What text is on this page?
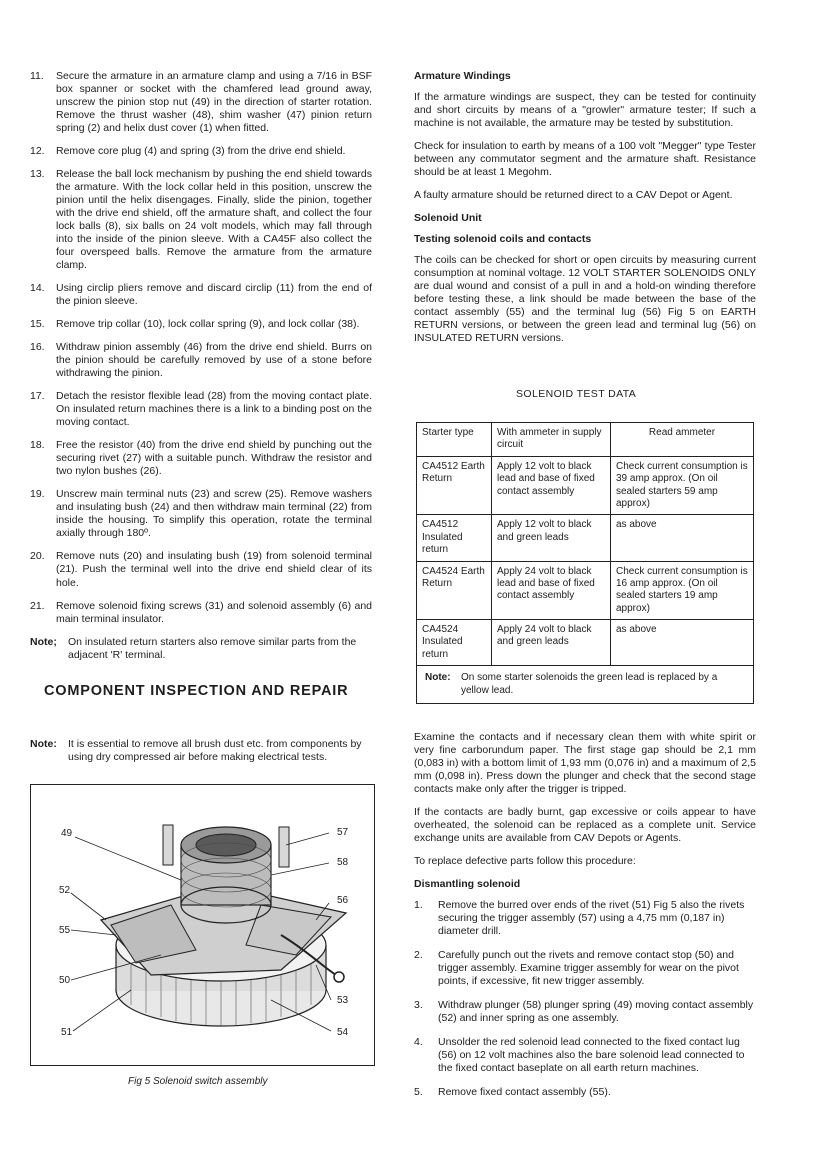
11.	Secure the armature in an armature clamp and using a 7/16 in BSF box spanner or socket with the chamfered lead ground away, unscrew the pinion stop nut (49) in the direction of starter rotation. Remove the thrust washer (48), shim washer (47) pinion return spring (2) and helix dust cover (1) when fitted.
12.	Remove core plug (4) and spring (3) from the drive end shield.
13.	Release the ball lock mechanism by pushing the end shield towards the armature. With the lock collar held in this position, unscrew the pinion until the helix disengages. Finally, slide the pinion, together with the drive end shield, off the armature shaft, and collect the four lock balls (8), six balls on 24 volt models, which may fall through into the inside of the pinion sleeve. With a CA45F also collect the four overspeed balls. Remove the armature from the armature clamp.
14.	Using circlip pliers remove and discard circlip (11) from the end of the pinion sleeve.
15.	Remove trip collar (10), lock collar spring (9), and lock collar (38).
16.	Withdraw pinion assembly (46) from the drive end shield. Burrs on the pinion should be carefully removed by use of a stone before withdrawing the pinion.
17.	Detach the resistor flexible lead (28) from the moving contact plate. On insulated return machines there is a link to a binding post on the moving contact.
18.	Free the resistor (40) from the drive end shield by punching out the securing rivet (27) with a suitable punch. Withdraw the resistor and two nylon bushes (26).
19.	Unscrew main terminal nuts (23) and screw (25). Remove washers and insulating bush (24) and then withdraw main terminal (22) from inside the housing. To simplify this operation, rotate the terminal axially through 180º.
20.	Remove nuts (20) and insulating bush (19) from solenoid terminal (21). Push the terminal well into the drive end shield clear of its hole.
21.	Remove solenoid fixing screws (31) and solenoid assembly (6) and main terminal insulator.
Note;	On insulated return starters also remove similar parts from the adjacent 'R' terminal.
COMPONENT INSPECTION AND REPAIR
Note:	It is essential to remove all brush dust etc. from components by using dry compressed air before making electrical tests.
49	57
58
52
56
55
50
53
51	54
Fig 5 Solenoid switch assembly
Armature Windings

If the armature windings are suspect, they can be tested for continuity and short circuits by means of a "growler" armature tester; If such a machine is not available, the armature may be tested by substitution.

Check for insulation to earth by means of a 100 volt "Megger" type Tester between any commutator segment and the armature shaft. Resistance should be at least 1 Megohm.

A faulty armature should be returned direct to a CAV Depot or Agent.

Solenoid Unit
Testing solenoid coils and contacts

The coils can be checked for short or open circuits by measuring current consumption at nominal voltage. 12 VOLT STARTER SOLENOIDS ONLY are dual wound and consist of a pull in and a hold-on winding therefore before testing these, a link should be made between the base of the contact assembly (55) and the terminal lug (56) Fig 5 on EARTH RETURN versions, or between the green lead and terminal lug (56) on INSULATED RETURN versions.

SOLENOID TEST DATA
Starter type	With ammeter in supply circuit	Read ammeter
CA4512 Earth Return	Apply 12 volt to black lead and base of fixed contact assembly	Check current consumption is 39 amp approx. (On oil sealed starters 59 amp approx)
CA4512 Insulated return	Apply 12 volt to black and green leads	as above
CA4524 Earth Return	Apply 24 volt to black lead and base of fixed contact assembly	Check current consumption is 16 amp approx. (On oil sealed starters 19 amp approx)
CA4524 Insulated return	Apply 24 volt to black and green leads	as above

Note: On some starter solenoids the green lead is replaced by a yellow lead.		

Examine the contacts and if necessary clean them with white spirit or very fine carborundum paper. The first stage gap should be 2,1 mm (0,083 in) with a bottom limit of 1,93 mm (0,076 in) and a maximum of 2,5 mm (0,098 in). Press down the plunger and check that the second stage contacts make only after the trigger is tripped.

If the contacts are badly burnt, gap excessive or coils appear to have overheated, the solenoid can be replaced as a complete unit. Service exchange units are available from CAV Depots or Agents.

To replace defective parts follow this procedure:

Dismantling solenoid
1.	Remove the burred over ends of the rivet (51) Fig 5 also the rivets securing the trigger assembly (57) using a 4,75 mm (0,187 in) diameter drill.
2.	Carefully punch out the rivets and remove contact stop (50) and trigger assembly. Examine trigger assembly for wear on the pivot points, if excessive, fit new trigger assembly.
3.	Withdraw plunger (58) plunger spring (49) moving contact assembly (52) and inner spring as one assembly.
4.	Unsolder the red solenoid lead connected to the fixed contact lug (56) on 12 volt machines also the bare solenoid lead connected to the fixed contact baseplate on all earth return machines.
5.	Remove fixed contact assembly (55).
